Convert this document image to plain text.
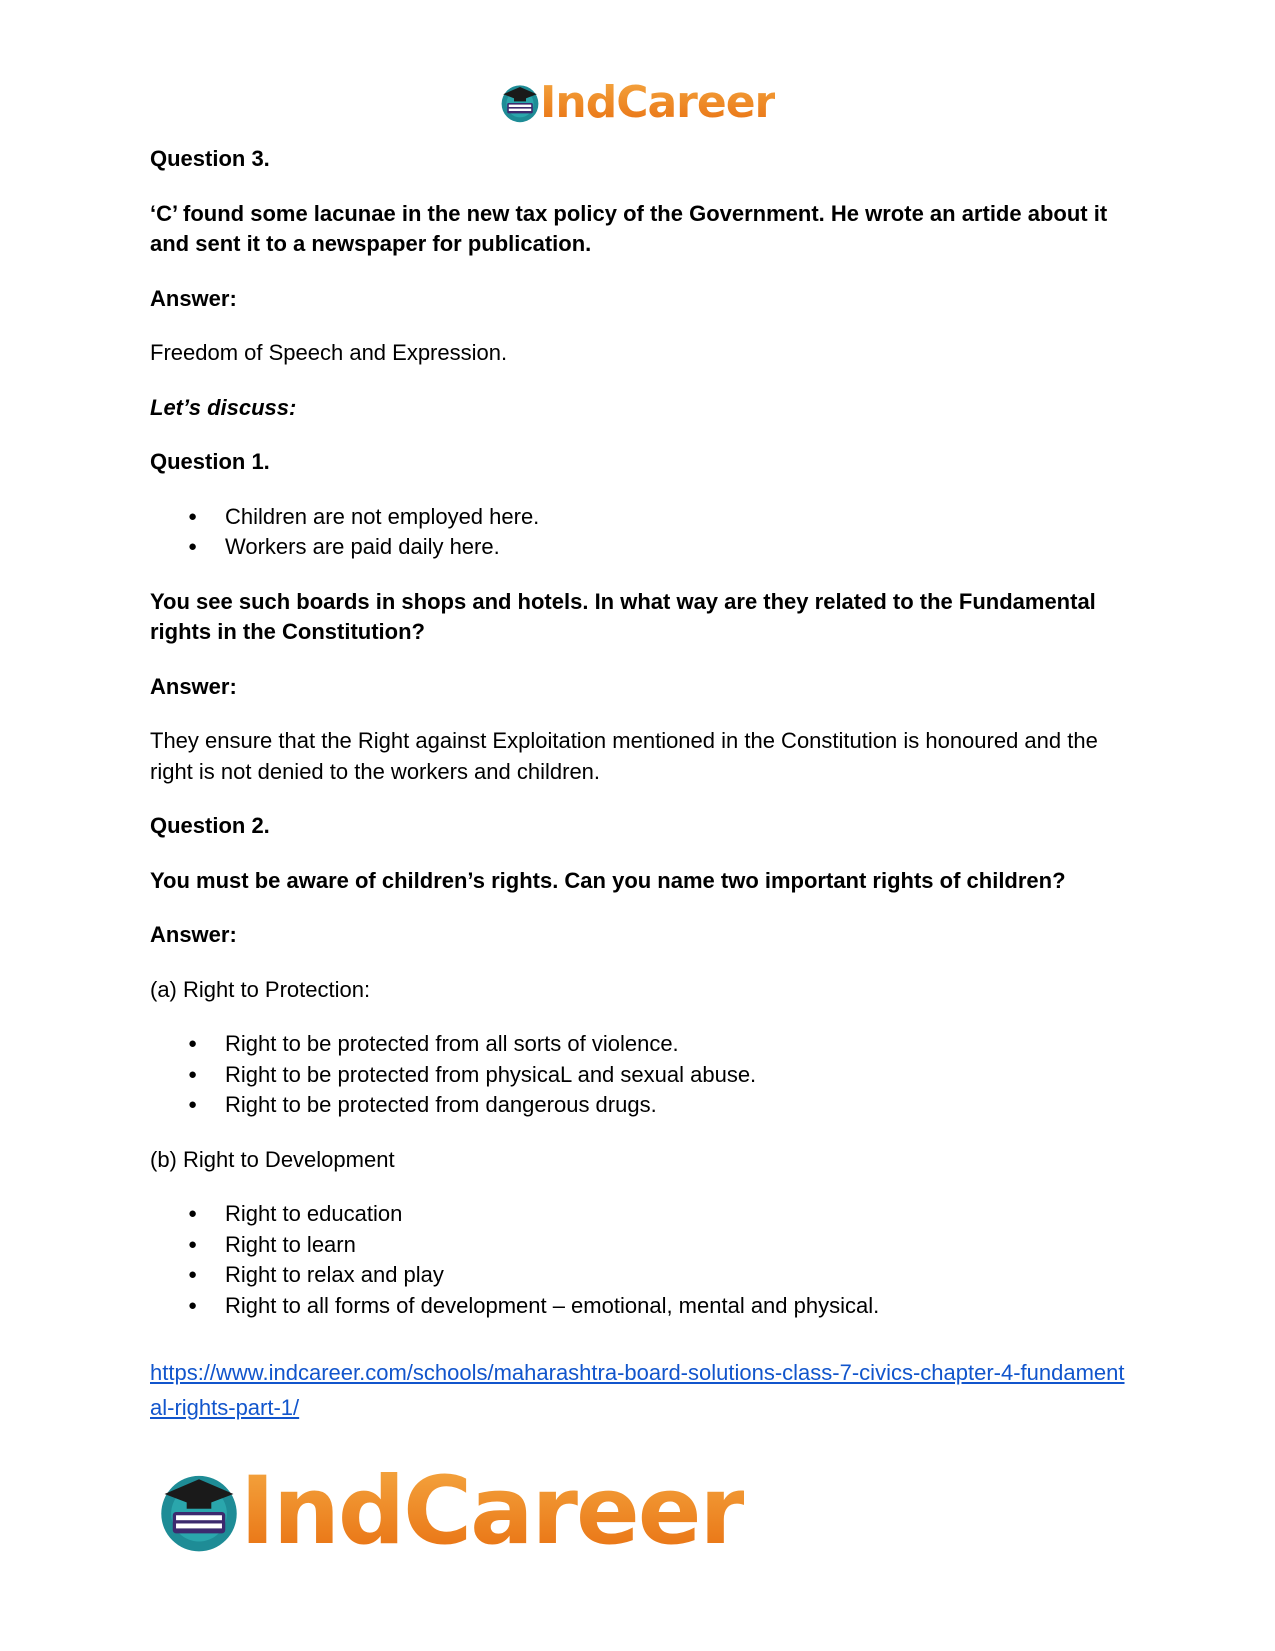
IndCareer

Question 3.

‘C’ found some lacunae in the new tax policy of the Government. He wrote an artide about it and sent it to a newspaper for publication.

Answer:

Freedom of Speech and Expression.

Let’s discuss:

Question 1.

● Children are not employed here.
● Workers are paid daily here.

You see such boards in shops and hotels. In what way are they related to the Fundamental rights in the Constitution?

Answer:

They ensure that the Right against Exploitation mentioned in the Constitution is honoured and the right is not denied to the workers and children.

Question 2.

You must be aware of children’s rights. Can you name two important rights of children?

Answer:

(a) Right to Protection:

● Right to be protected from all sorts of violence.
● Right to be protected from physicaL and sexual abuse.
● Right to be protected from dangerous drugs.

(b) Right to Development

● Right to education
● Right to learn
● Right to relax and play
● Right to all forms of development – emotional, mental and physical.
https://www.indcareer.com/schools/maharashtra-board-solutions-class-7-civics-chapter-4-fundamental-rights-part-1/
IndCareer
